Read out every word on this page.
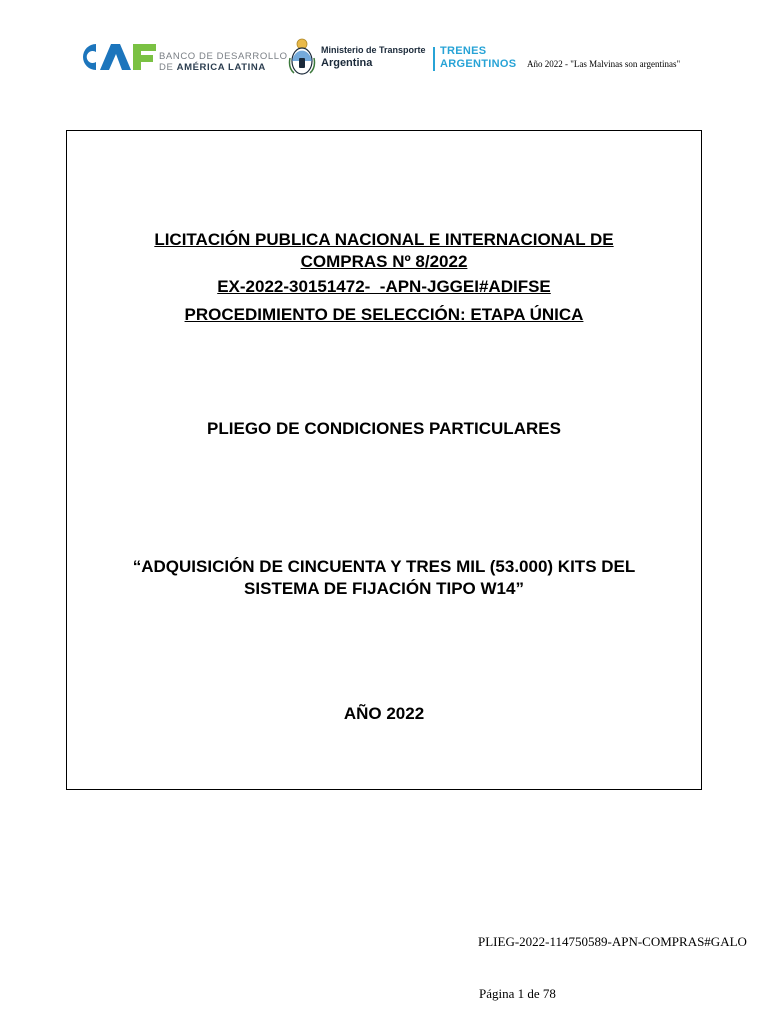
BANCO DE DESARROLLO
DE AMÉRICA LATINA
Ministerio de Transporte
Argentina
TRENES
ARGENTINOS Año 2022 - "Las Malvinas son argentinas"
LICITACIÓN PUBLICA NACIONAL E INTERNACIONAL DE
COMPRAS Nº 8/2022
EX-2022-30151472-  -APN-JGGEI#ADIFSE
PROCEDIMIENTO DE SELECCIÓN: ETAPA ÚNICA
PLIEGO DE CONDICIONES PARTICULARES
“ADQUISICIÓN DE CINCUENTA Y TRES MIL (53.000) KITS DEL
SISTEMA DE FIJACIÓN TIPO W14”
AÑO 2022
PLIEG-2022-114750589-APN-COMPRAS#GALO
Página 1 de 78
